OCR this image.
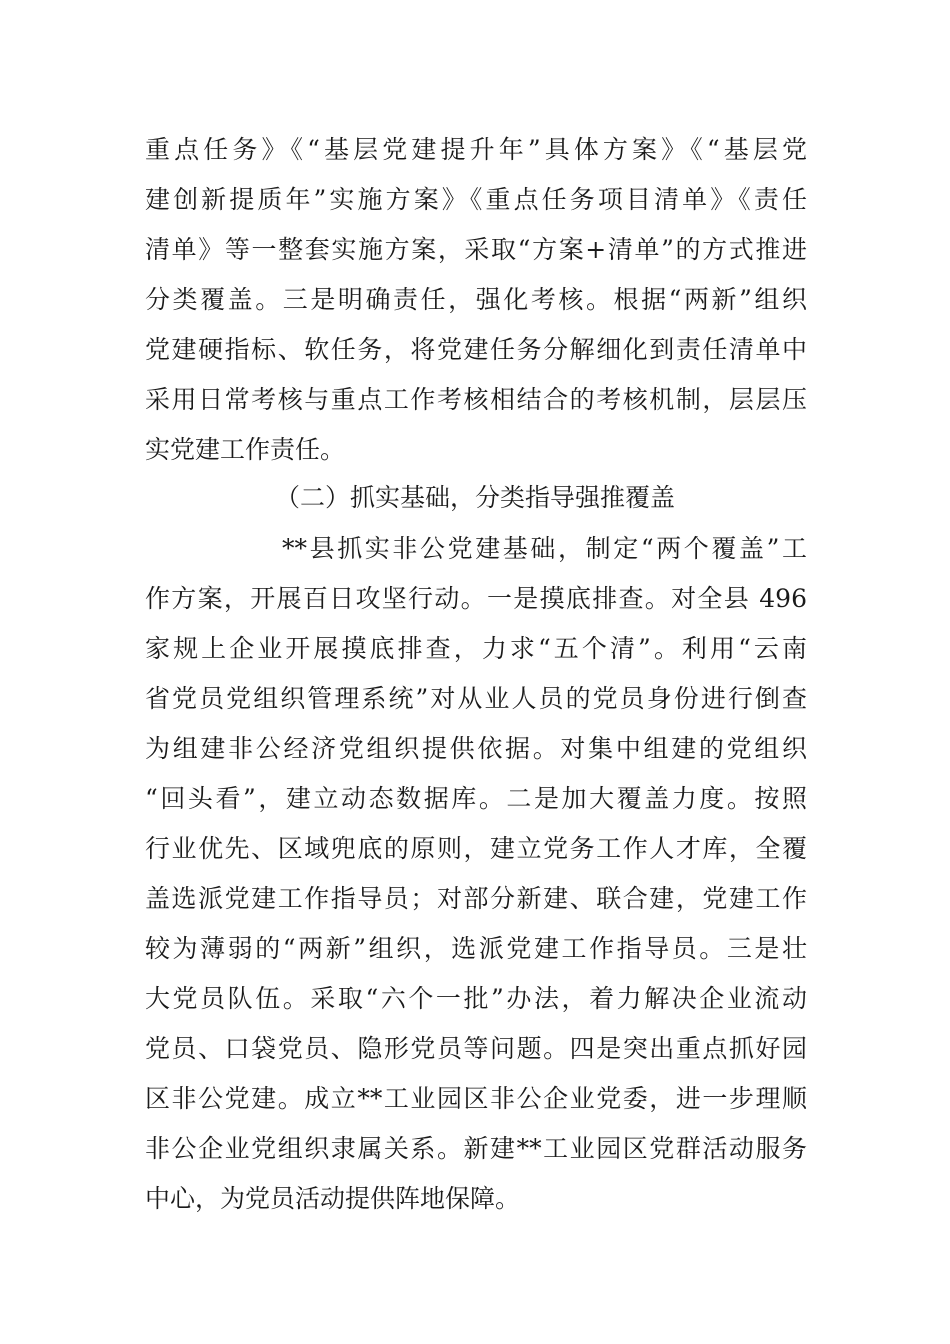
重点任务》《“基层党建提升年”具体方案》《“基层党
建创新提质年”实施方案》《重点任务项目清单》《责任
清单》等一整套实施方案，采取“方案+清单”的方式推进
分类覆盖。三是明确责任，强化考核。根据“两新”组织
党建硬指标、软任务，将党建任务分解细化到责任清单中
采用日常考核与重点工作考核相结合的考核机制，层层压
实党建工作责任。
（二）抓实基础，分类指导强推覆盖
**县抓实非公党建基础，制定“两个覆盖”工
作方案，开展百日攻坚行动。一是摸底排查。对全县 496
家规上企业开展摸底排查，力求“五个清”。利用“云南
省党员党组织管理系统”对从业人员的党员身份进行倒查
为组建非公经济党组织提供依据。对集中组建的党组织
“回头看”，建立动态数据库。二是加大覆盖力度。按照
行业优先、区域兜底的原则，建立党务工作人才库，全覆
盖选派党建工作指导员；对部分新建、联合建，党建工作
较为薄弱的“两新”组织，选派党建工作指导员。三是壮
大党员队伍。采取“六个一批”办法，着力解决企业流动
党员、口袋党员、隐形党员等问题。四是突出重点抓好园
区非公党建。成立**工业园区非公企业党委，进一步理顺
非公企业党组织隶属关系。新建**工业园区党群活动服务
中心，为党员活动提供阵地保障。
